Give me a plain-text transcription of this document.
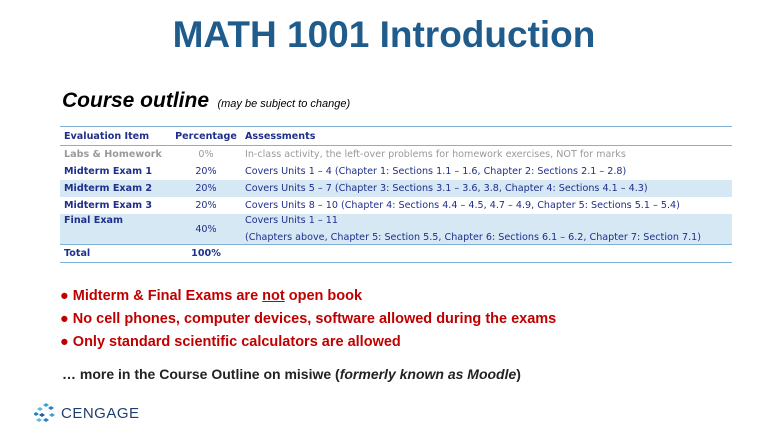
MATH 1001 Introduction
Course outline (may be subject to change)
Evaluation Item	Percentage	Assessments
Labs & Homework	0%	In-class activity, the left-over problems for homework exercises, NOT for marks
Midterm Exam 1	20%	Covers Units 1 – 4 (Chapter 1: Sections 1.1 – 1.6, Chapter 2: Sections 2.1 – 2.8)
Midterm Exam 2	20%	Covers Units 5 – 7 (Chapter 3: Sections 3.1 – 3.6, 3.8, Chapter 4: Sections 4.1 – 4.3)
Midterm Exam 3	20%	Covers Units 8 – 10 (Chapter 4: Sections 4.4 – 4.5, 4.7 – 4.9, Chapter 5: Sections 5.1 – 5.4)
Final Exam	40%	Covers Units 1 – 11
(Chapters above, Chapter 5: Section 5.5, Chapter 6: Sections 6.1 – 6.2, Chapter 7: Section 7.1)

Total	100%	
● Midterm & Final Exams are not open book
● No cell phones, computer devices, software allowed during the exams
● Only standard scientific calculators are allowed
… more in the Course Outline on misiwe (formerly known as Moodle)
CENGAGE
